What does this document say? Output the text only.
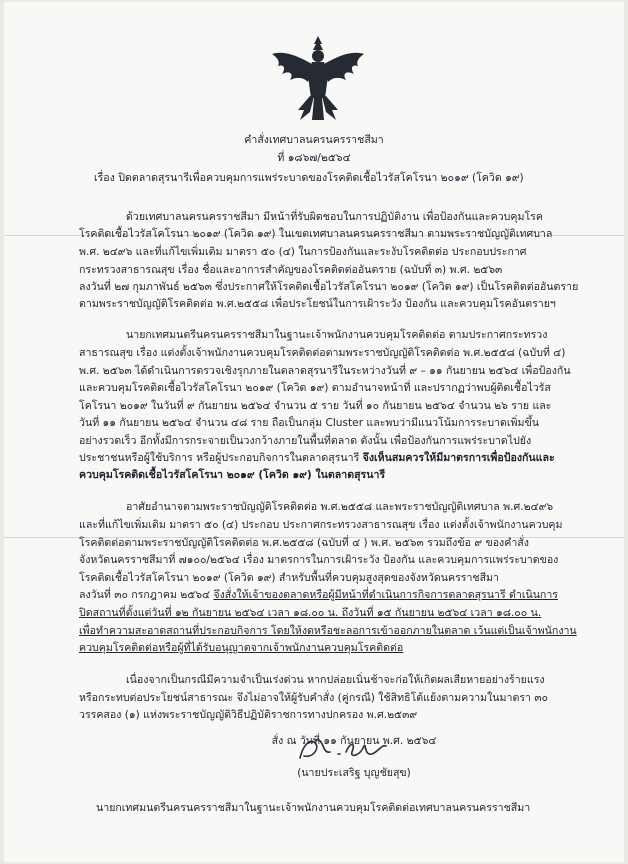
คำสั่งเทศบาลนครนครราชสีมา
ที่ ๑๘๖๗/๒๕๖๔
เรื่อง ปิดตลาดสุรนารีเพื่อควบคุมการแพร่ระบาดของโรคติดเชื้อไวรัสโคโรนา ๒๐๑๙ (โควิด ๑๙)
ด้วยเทศบาลนครนครราชสีมา มีหน้าที่รับผิดชอบในการปฏิบัติงาน เพื่อป้องกันและควบคุมโรค
โรคติดเชื้อไวรัสโคโรนา ๒๐๑๙ (โควิด ๑๙) ในเขตเทศบาลนครนครราชสีมา ตามพระราชบัญญัติเทศบาล
พ.ศ. ๒๔๙๖ และที่แก้ไขเพิ่มเติม มาตรา ๕๐ (๔) ในการป้องกันและระงับโรคติดต่อ ประกอบประกาศ
กระทรวงสาธารณสุข เรื่อง ชื่อและอาการสำคัญของโรคติดต่ออันตราย (ฉบับที่ ๓) พ.ศ. ๒๕๖๓
ลงวันที่ ๒๗ กุมภาพันธ์ ๒๕๖๓ ซึ่งประกาศให้โรคติดเชื้อไวรัสโคโรนา ๒๐๑๙ (โควิด ๑๙) เป็นโรคติดต่ออันตราย
ตามพระราชบัญญัติโรคติดต่อ พ.ศ.๒๕๕๘ เพื่อประโยชน์ในการเฝ้าระวัง ป้องกัน และควบคุมโรคอันตรายฯ
นายกเทศมนตรีนครนครราชสีมาในฐานะเจ้าพนักงานควบคุมโรคติดต่อ ตามประกาศกระทรวง
สาธารณสุข เรื่อง แต่งตั้งเจ้าพนักงานควบคุมโรคติดต่อตามพระราชบัญญัติโรคติดต่อ พ.ศ.๒๕๕๘ (ฉบับที่ ๔)
พ.ศ. ๒๕๖๓ ได้ดำเนินการตรวจเชิงรุกภายในตลาดสุรนารีในระหว่างวันที่ ๙ – ๑๑ กันยายน ๒๕๖๔ เพื่อป้องกัน
และควบคุมโรคติดเชื้อไวรัสโคโรนา ๒๐๑๙ (โควิด ๑๙) ตามอำนาจหน้าที่ และปรากฏว่าพบผู้ติดเชื้อไวรัส
โคโรนา ๒๐๑๙ ในวันที่ ๙ กันยายน ๒๕๖๔ จำนวน ๕ ราย วันที่ ๑๐ กันยายน ๒๕๖๔ จำนวน ๒๖ ราย และ
วันที่ ๑๑ กันยายน ๒๕๖๔ จำนวน ๔๘ ราย ถือเป็นกลุ่ม Cluster และพบว่ามีแนวโน้มการระบาดเพิ่มขึ้น
อย่างรวดเร็ว อีกทั้งมีการกระจายเป็นวงกว้างภายในพื้นที่ตลาด ดังนั้น เพื่อป้องกันการแพร่ระบาดไปยัง
ประชาชนหรือผู้ใช้บริการ หรือผู้ประกอบกิจการในตลาดสุรนารี จึงเห็นสมควรให้มีมาตรการเพื่อป้องกันและ
ควบคุมโรคติดเชื้อไวรัสโคโรนา ๒๐๑๙ (โควิด ๑๙) ในตลาดสุรนารี
อาศัยอำนาจตามพระราชบัญญัติโรคติดต่อ พ.ศ.๒๕๕๘ และพระราชบัญญัติเทศบาล พ.ศ.๒๔๙๖
และที่แก้ไขเพิ่มเติม มาตรา ๕๐ (๔) ประกอบ ประกาศกระทรวงสาธารณสุข เรื่อง แต่งตั้งเจ้าพนักงานควบคุม
โรคติดต่อตามพระราชบัญญัติโรคติดต่อ พ.ศ.๒๕๕๘ (ฉบับที่ ๔ ) พ.ศ. ๒๕๖๓ รวมถึงข้อ ๙ ของคำสั่ง
จังหวัดนครราชสีมาที่ ๗๑๐๐/๒๕๖๔ เรื่อง มาตรการในการเฝ้าระวัง ป้องกัน และควบคุมการแพร่ระบาดของ
โรคติดเชื้อไวรัสโคโรนา ๒๐๑๙ (โควิด ๑๙) สำหรับพื้นที่ควบคุมสูงสุดของจังหวัดนครราชสีมา
ลงวันที่ ๓๐ กรกฎาคม ๒๕๖๔ จึงสั่งให้เจ้าของตลาดหรือผู้มีหน้าที่ดำเนินการกิจการตลาดสุรนารี ดำเนินการ
ปิดสถานที่ตั้งแต่วันที่ ๑๒ กันยายน ๒๕๖๔ เวลา ๑๘.๐๐ น. ถึงวันที่ ๑๕ กันยายน ๒๕๖๔ เวลา ๑๘.๐๐ น.
เพื่อทำความสะอาดสถานที่ประกอบกิจการ โดยให้งดหรือชะลอการเข้าออกภายในตลาด เว้นแต่เป็นเจ้าพนักงาน
ควบคุมโรคติดต่อหรือผู้ที่ได้รับอนุญาตจากเจ้าพนักงานควบคุมโรคติดต่อ
เนื่องจากเป็นกรณีมีความจำเป็นเร่งด่วน หากปล่อยเนิ่นช้าจะก่อให้เกิดผลเสียหายอย่างร้ายแรง
หรือกระทบต่อประโยชน์สาธารณะ จึงไม่อาจให้ผู้รับคำสั่ง (คู่กรณี) ใช้สิทธิโต้แย้งตามความในมาตรา ๓๐
วรรคสอง (๑) แห่งพระราชบัญญัติวิธีปฏิบัติราชการทางปกครอง พ.ศ.๒๕๓๙
สั่ง ณ วันที่ ๑๑ กันยายน พ.ศ. ๒๕๖๔
(นายประเสริฐ บุญชัยสุข)
นายกเทศมนตรีนครนครราชสีมาในฐานะเจ้าพนักงานควบคุมโรคติดต่อเทศบาลนครนครราชสีมา
